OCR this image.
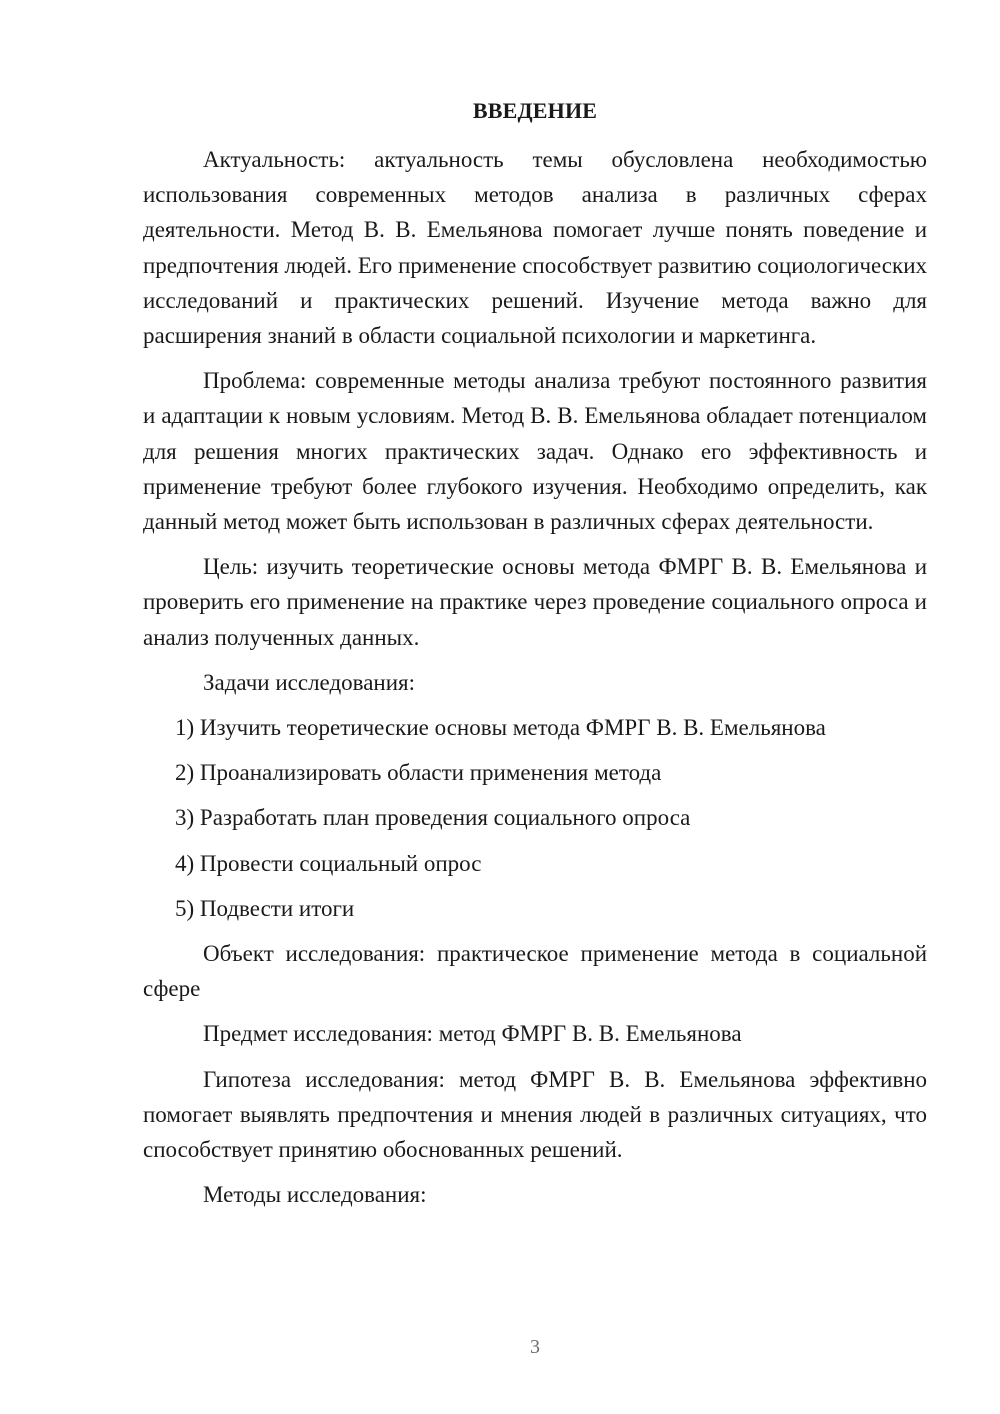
ВВЕДЕНИЕ

Актуальность: актуальность темы обусловлена необходимостью использования современных методов анализа в различных сферах деятельности. Метод В. В. Емельянова помогает лучше понять поведение и предпочтения людей. Его применение способствует развитию социологических исследований и практических решений. Изучение метода важно для расширения знаний в области социальной психологии и маркетинга.

Проблема: современные методы анализа требуют постоянного развития и адаптации к новым условиям. Метод В. В. Емельянова обладает потенциалом для решения многих практических задач. Однако его эффективность и применение требуют более глубокого изучения. Необходимо определить, как данный метод может быть использован в различных сферах деятельности.

Цель: изучить теоретические основы метода ФМРГ В. В. Емельянова и проверить его применение на практике через проведение социального опроса и анализ полученных данных.

Задачи исследования:

1) Изучить теоретические основы метода ФМРГ В. В. Емельянова

2) Проанализировать области применения метода

3) Разработать план проведения социального опроса

4) Провести социальный опрос

5) Подвести итоги

Объект исследования: практическое применение метода в социальной сфере

Предмет исследования: метод ФМРГ В. В. Емельянова

Гипотеза исследования: метод ФМРГ В. В. Емельянова эффективно помогает выявлять предпочтения и мнения людей в различных ситуациях, что способствует принятию обоснованных решений.

Методы исследования:

3
